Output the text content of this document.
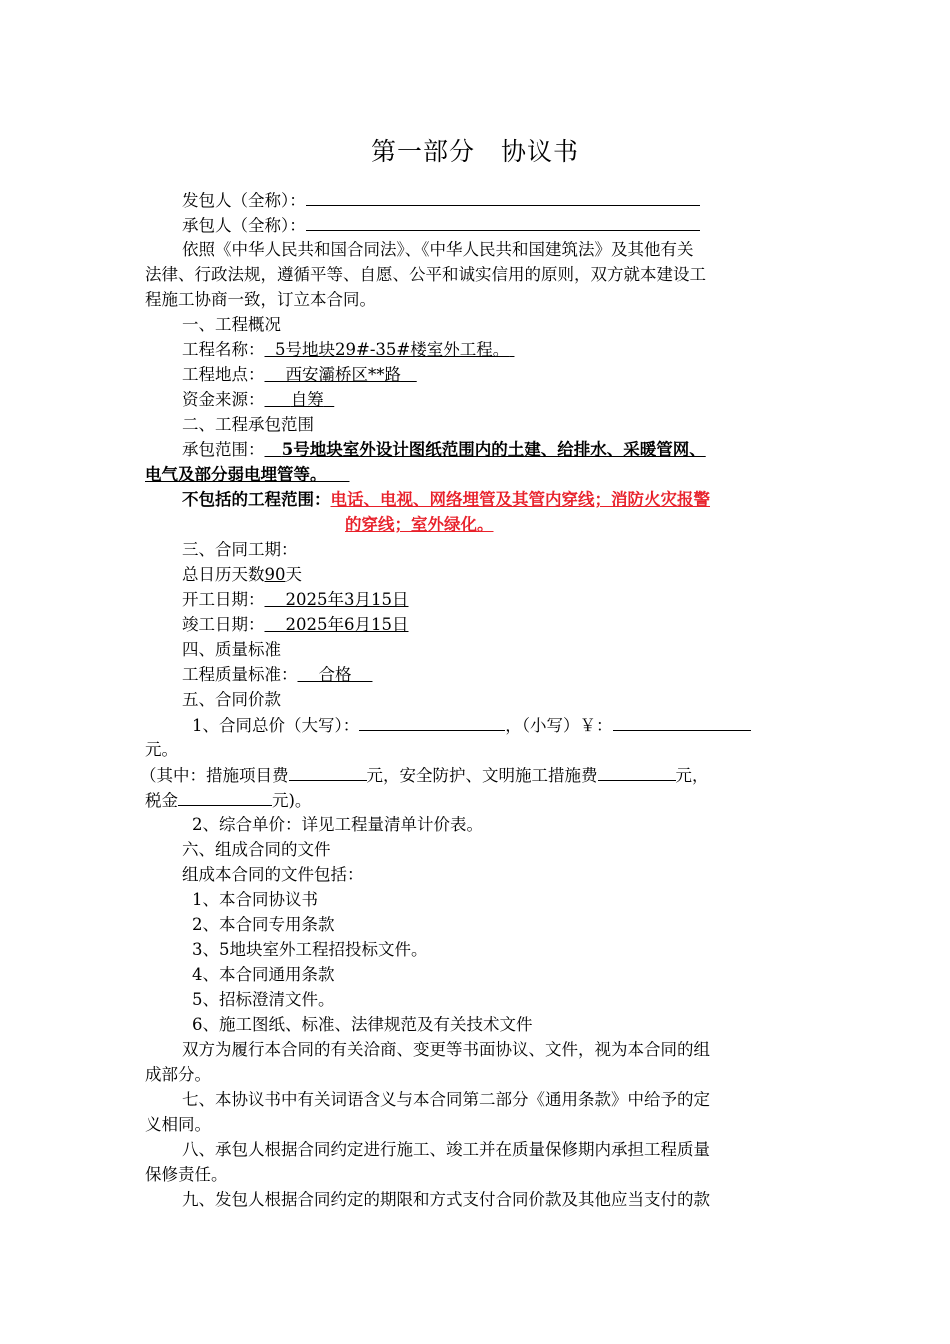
第一部分　协议书
发包人（全称）：
承包人（全称）：
依照《中华人民共和国合同法》、《中华人民共和国建筑法》及其他有关
法律、行政法规，遵循平等、自愿、公平和诚实信用的原则，双方就本建设工
程施工协商一致，订立本合同。
一、工程概况
工程名称： 5号地块29#-35#楼室外工程。
工程地点： 西安灞桥区**路
资金来源： 自筹
二、工程承包范围
承包范围： 5号地块室外设计图纸范围内的土建、给排水、采暖管网、
电气及部分弱电埋管等。
不包括的工程范围：电话、电视、网络埋管及其管内穿线；消防火灾报警
的穿线；室外绿化。
三、合同工期：
总日历天数90天
开工日期： 2025年3月15日
竣工日期： 2025年6月15日
四、质量标准
工程质量标准： 合格
五、合同价款
1、合同总价（大写）：	，（小写）￥：
元。
（其中：措施项目费	元，安全防护、文明施工措施费	元，
税金	元)。
2、综合单价：详见工程量清单计价表。
六、组成合同的文件
组成本合同的文件包括：
1、本合同协议书
2、本合同专用条款
3、5地块室外工程招投标文件。
4、本合同通用条款
5、招标澄清文件。
6、施工图纸、标准、法律规范及有关技术文件
双方为履行本合同的有关洽商、变更等书面协议、文件，视为本合同的组
成部分。
七、本协议书中有关词语含义与本合同第二部分《通用条款》中给予的定
义相同。
八、承包人根据合同约定进行施工、竣工并在质量保修期内承担工程质量
保修责任。
九、发包人根据合同约定的期限和方式支付合同价款及其他应当支付的款
